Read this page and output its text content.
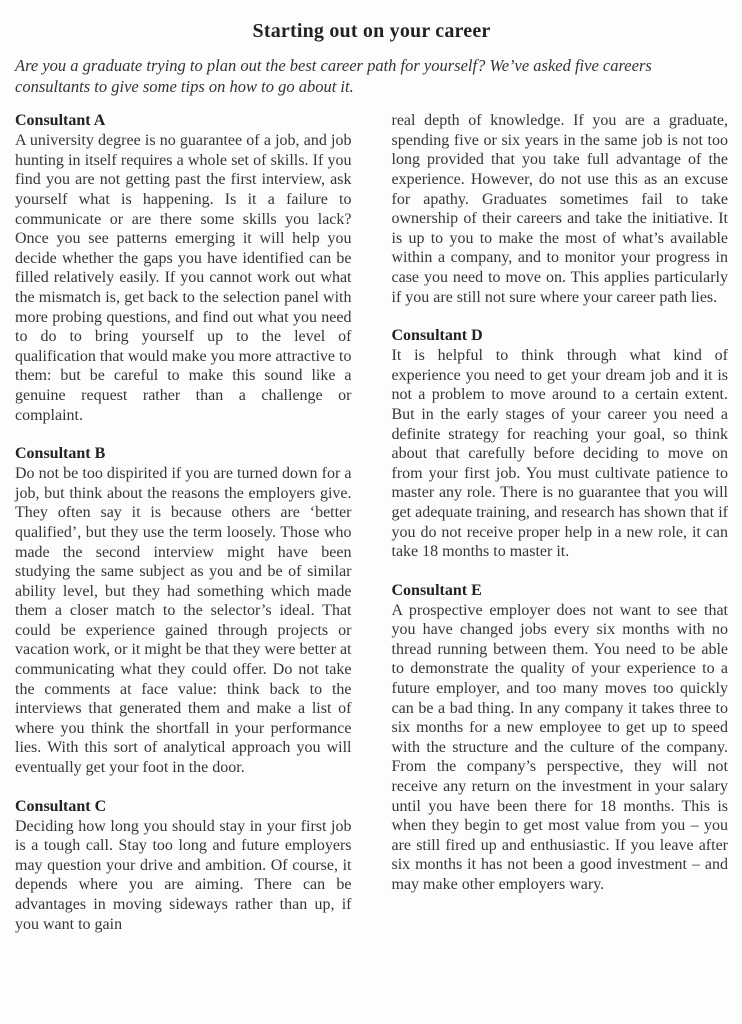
Starting out on your career

Are you a graduate trying to plan out the best career path for yourself? We’ve asked five careers consultants to give some tips on how to go about it.

Consultant A

A university degree is no guarantee of a job, and job hunting in itself requires a whole set of skills. If you find you are not getting past the first interview, ask yourself what is happening. Is it a failure to communicate or are there some skills you lack? Once you see patterns emerging it will help you decide whether the gaps you have identified can be filled relatively easily. If you cannot work out what the mismatch is, get back to the selection panel with more probing questions, and find out what you need to do to bring yourself up to the level of qualification that would make you more attractive to them: but be careful to make this sound like a genuine request rather than a challenge or complaint.

Consultant B

Do not be too dispirited if you are turned down for a job, but think about the reasons the employers give. They often say it is because others are ‘better qualified’, but they use the term loosely. Those who made the second interview might have been studying the same subject as you and be of similar ability level, but they had something which made them a closer match to the selector’s ideal. That could be experience gained through projects or vacation work, or it might be that they were better at communicating what they could offer. Do not take the comments at face value: think back to the interviews that generated them and make a list of where you think the shortfall in your performance lies. With this sort of analytical approach you will eventually get your foot in the door.

Consultant C

Deciding how long you should stay in your first job is a tough call. Stay too long and future employers may question your drive and ambition. Of course, it depends where you are aiming. There can be advantages in moving sideways rather than up, if you want to gain

real depth of knowledge. If you are a graduate, spending five or six years in the same job is not too long provided that you take full advantage of the experience. However, do not use this as an excuse for apathy. Graduates sometimes fail to take ownership of their careers and take the initiative. It is up to you to make the most of what’s available within a company, and to monitor your progress in case you need to move on. This applies particularly if you are still not sure where your career path lies.

Consultant D

It is helpful to think through what kind of experience you need to get your dream job and it is not a problem to move around to a certain extent. But in the early stages of your career you need a definite strategy for reaching your goal, so think about that carefully before deciding to move on from your first job. You must cultivate patience to master any role. There is no guarantee that you will get adequate training, and research has shown that if you do not receive proper help in a new role, it can take 18 months to master it.

Consultant E

A prospective employer does not want to see that you have changed jobs every six months with no thread running between them. You need to be able to demonstrate the quality of your experience to a future employer, and too many moves too quickly can be a bad thing. In any company it takes three to six months for a new employee to get up to speed with the structure and the culture of the company. From the company’s perspective, they will not receive any return on the investment in your salary until you have been there for 18 months. This is when they begin to get most value from you – you are still fired up and enthusiastic. If you leave after six months it has not been a good investment – and may make other employers wary.
